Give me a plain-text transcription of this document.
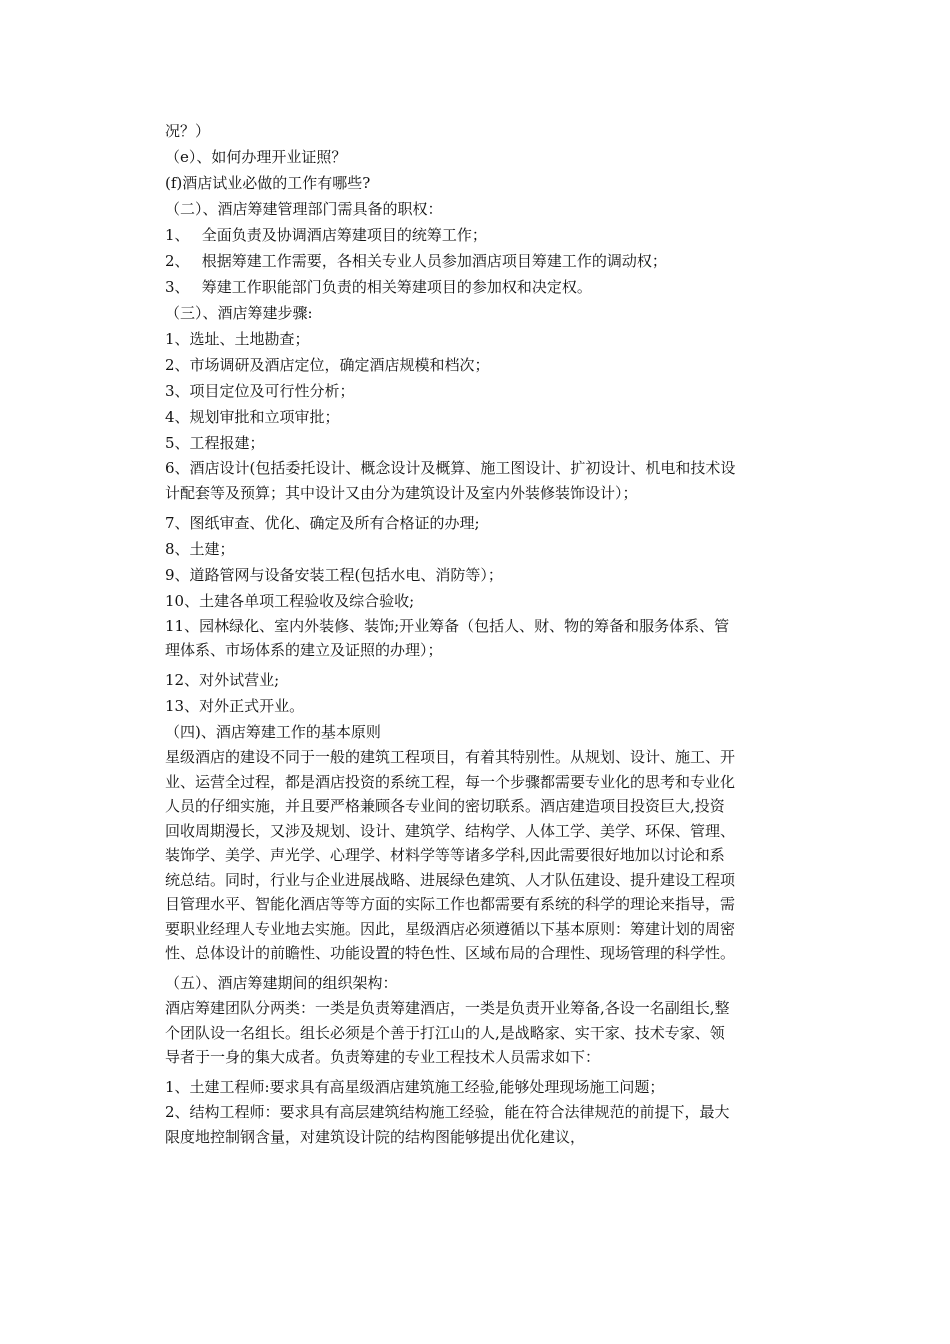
况？）
（e）、如何办理开业证照？
(f)酒店试业必做的工作有哪些?
（二）、酒店筹建管理部门需具备的职权：
1、　 全面负责及协调酒店筹建项目的统筹工作；
2、　 根据筹建工作需要，各相关专业人员参加酒店项目筹建工作的调动权；
3、　 筹建工作职能部门负责的相关筹建项目的参加权和决定权。
（三）、酒店筹建步骤:
1、选址、土地勘查；
2、市场调研及酒店定位，确定酒店规模和档次；
3、项目定位及可行性分析；
4、规划审批和立项审批；
5、工程报建；
6、酒店设计(包括委托设计、概念设计及概算、施工图设计、扩初设计、机电和技术设
计配套等及预算；其中设计又由分为建筑设计及室内外装修装饰设计）；
7、图纸审查、优化、确定及所有合格证的办理;
8、土建；
9、道路管网与设备安装工程(包括水电、消防等）；
10、土建各单项工程验收及综合验收;
11、园林绿化、室内外装修、装饰;开业筹备（包括人、财、物的筹备和服务体系、管
理体系、市场体系的建立及证照的办理）；
12、对外试营业;
13、对外正式开业。
（四)、酒店筹建工作的基本原则
星级酒店的建设不同于一般的建筑工程项目，有着其特别性。从规划、设计、施工、开
业、运营全过程，都是酒店投资的系统工程，每一个步骤都需要专业化的思考和专业化
人员的仔细实施，并且要严格兼顾各专业间的密切联系。酒店建造项目投资巨大,投资
回收周期漫长，又涉及规划、设计、建筑学、结构学、人体工学、美学、环保、管理、
装饰学、美学、声光学、心理学、材料学等等诸多学科,因此需要很好地加以讨论和系
统总结。同时，行业与企业进展战略、进展绿色建筑、人才队伍建设、提升建设工程项
目管理水平、智能化酒店等等方面的实际工作也都需要有系统的科学的理论来指导，需
要职业经理人专业地去实施。因此，星级酒店必须遵循以下基本原则：筹建计划的周密
性、总体设计的前瞻性、功能设置的特色性、区域布局的合理性、现场管理的科学性。
（五）、酒店筹建期间的组织架构：
酒店筹建团队分两类：一类是负责筹建酒店，一类是负责开业筹备,各设一名副组长,整
个团队设一名组长。组长必须是个善于打江山的人,是战略家、实干家、技术专家、领
导者于一身的集大成者。负责筹建的专业工程技术人员需求如下：
1、土建工程师:要求具有高星级酒店建筑施工经验,能够处理现场施工问题；
2、结构工程师：要求具有高层建筑结构施工经验，能在符合法律规范的前提下，最大
限度地控制钢含量，对建筑设计院的结构图能够提出优化建议，
